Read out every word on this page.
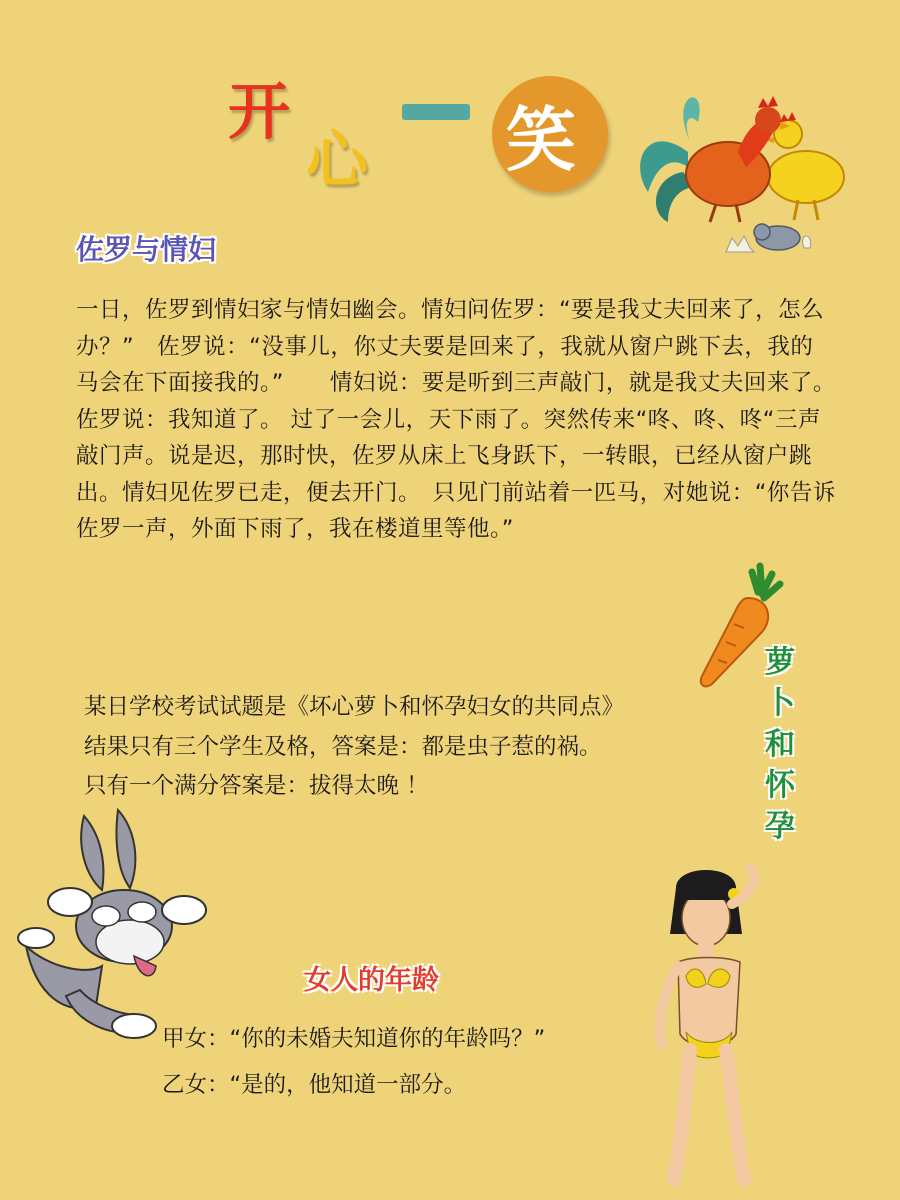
开
心 笑
佐罗与情妇

一日，佐罗到情妇家与情妇幽会。情妇问佐罗：“要是我丈夫回来了，怎么办？”　佐罗说：“没事儿，你丈夫要是回来了，我就从窗户跳下去，我的马会在下面接我的。”　　情妇说：要是听到三声敲门，就是我丈夫回来了。 佐罗说：我知道了。 过了一会儿，天下雨了。突然传来“咚、咚、咚“三声敲门声。说是迟，那时快，佐罗从床上飞身跃下，一转眼，已经从窗户跳出。情妇见佐罗已走，便去开门。　只见门前站着一匹马，对她说：“你告诉佐罗一声，外面下雨了，我在楼道里等他。”

萝
卜
和
怀
孕
某日学校考试试题是《坏心萝卜和怀孕妇女的共同点》
结果只有三个学生及格，答案是：都是虫子惹的祸。
只有一个满分答案是：拔得太晚 ！
女人的年龄
甲女：“你的未婚夫知道你的年龄吗？”
乙女：“是的，他知道一部分。
